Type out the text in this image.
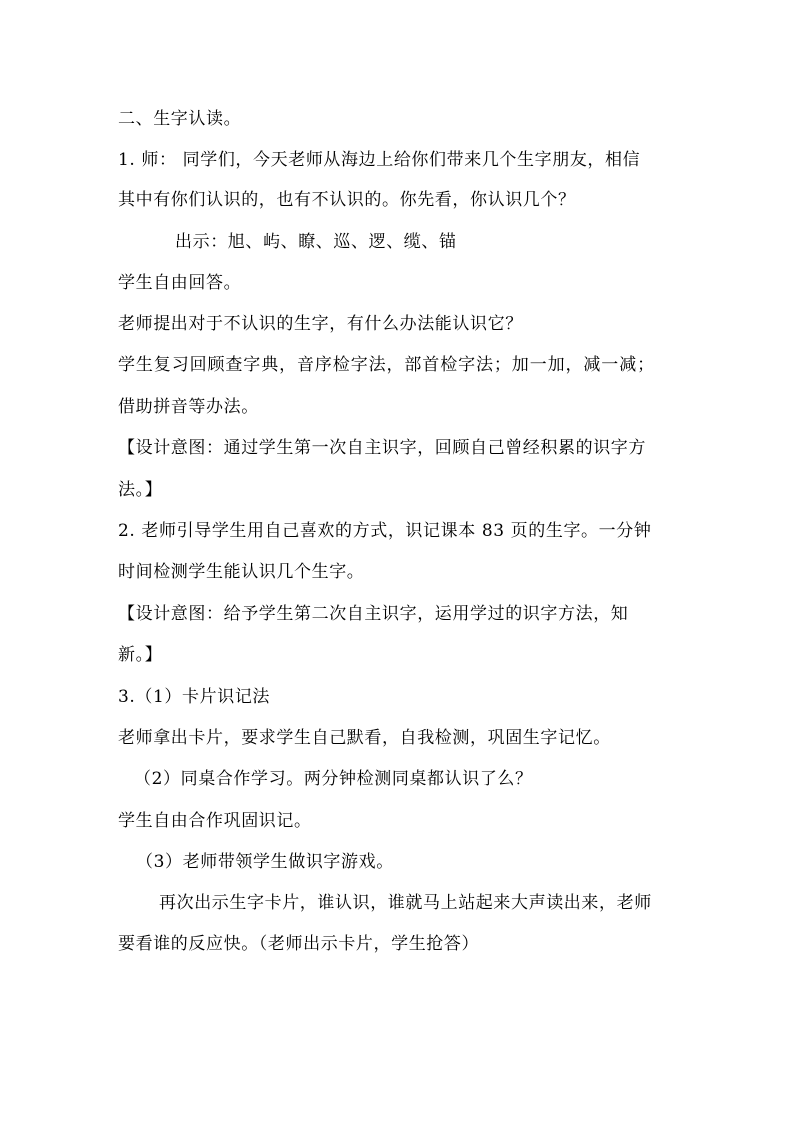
二、生字认读。
1. 师： 同学们，今天老师从海边上给你们带来几个生字朋友，相信
其中有你们认识的，也有不认识的。你先看，你认识几个？
出示：旭、屿、瞭、巡、逻、缆、锚
学生自由回答。
老师提出对于不认识的生字，有什么办法能认识它？
学生复习回顾查字典，音序检字法，部首检字法；加一加，减一减；
借助拼音等办法。
【设计意图：通过学生第一次自主识字，回顾自己曾经积累的识字方
法。】
2. 老师引导学生用自己喜欢的方式，识记课本 83 页的生字。一分钟
时间检测学生能认识几个生字。
【设计意图：给予学生第二次自主识字，运用学过的识字方法，知
新。】
3.（1）卡片识记法
老师拿出卡片，要求学生自己默看，自我检测，巩固生字记忆。
（2）同桌合作学习。两分钟检测同桌都认识了么？
学生自由合作巩固识记。
（3）老师带领学生做识字游戏。
再次出示生字卡片，谁认识，谁就马上站起来大声读出来，老师
要看谁的反应快。（老师出示卡片，学生抢答）
